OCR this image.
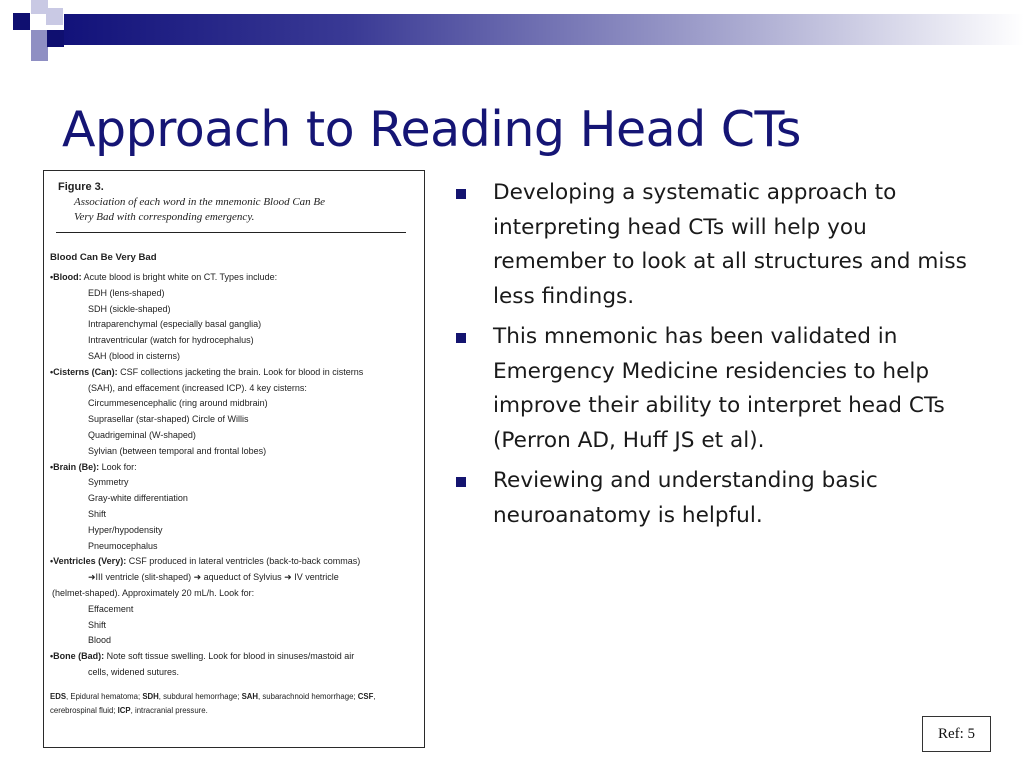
Approach to Reading Head CTs
Figure 3.
Association of each word in the mnemonic Blood Can Be
Very Bad with corresponding emergency.
Blood Can Be Very Bad
•Blood: Acute blood is bright white on CT. Types include:
EDH (lens-shaped)
SDH (sickle-shaped)
Intraparenchymal (especially basal ganglia)
Intraventricular (watch for hydrocephalus)
SAH (blood in cisterns)
•Cisterns (Can): CSF collections jacketing the brain. Look for blood in cisterns
(SAH), and effacement (increased ICP). 4 key cisterns:
Circummesencephalic (ring around midbrain)
Suprasellar (star-shaped) Circle of Willis
Quadrigeminal (W-shaped)
Sylvian (between temporal and frontal lobes)
•Brain (Be): Look for:
Symmetry
Gray-white differentiation
Shift
Hyper/hypodensity
Pneumocephalus
•Ventricles (Very): CSF produced in lateral ventricles (back-to-back commas)
➜III ventricle (slit-shaped) ➜ aqueduct of Sylvius ➜ IV ventricle
(helmet-shaped). Approximately 20 mL/h. Look for:
Effacement
Shift
Blood
•Bone (Bad): Note soft tissue swelling. Look for blood in sinuses/mastoid air
cells, widened sutures.
EDS, Epidural hematoma; SDH, subdural hemorrhage; SAH, subarachnoid hemorrhage; CSF,
cerebrospinal fluid; ICP, intracranial pressure.
Developing a systematic approach to interpreting head CTs will help you remember to look at all structures and miss less findings.
This mnemonic has been validated in Emergency Medicine residencies to help improve their ability to interpret head CTs (Perron AD, Huff JS et al).
Reviewing and understanding basic neuroanatomy is helpful.
Ref: 5
